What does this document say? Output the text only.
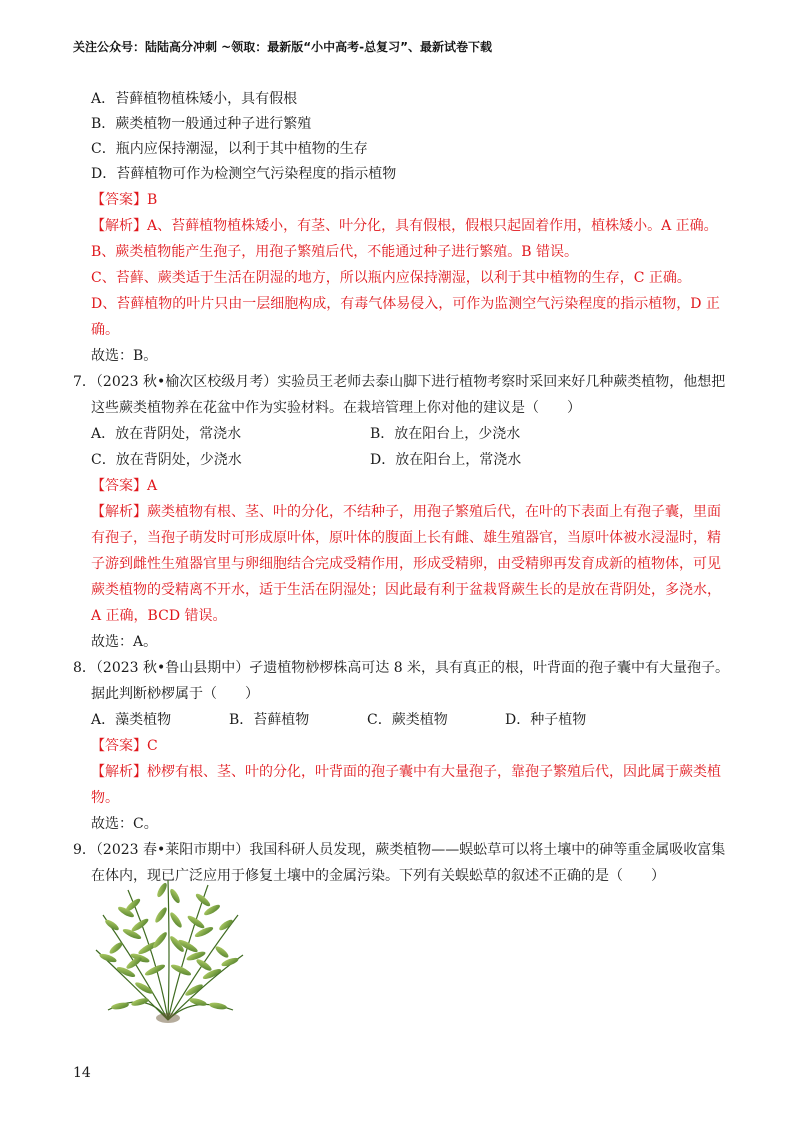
关注公众号：陆陆高分冲刺 ~领取：最新版“小中高考-总复习”、最新试卷下载
A．苔藓植物植株矮小，具有假根
B．蕨类植物一般通过种子进行繁殖
C．瓶内应保持潮湿，以利于其中植物的生存
D．苔藓植物可作为检测空气污染程度的指示植物
【答案】B
【解析】A、苔藓植物植株矮小，有茎、叶分化，具有假根，假根只起固着作用，植株矮小。A 正确。
B、蕨类植物能产生孢子，用孢子繁殖后代，不能通过种子进行繁殖。B 错误。
C、苔藓、蕨类适于生活在阴湿的地方，所以瓶内应保持潮湿，以利于其中植物的生存，C 正确。
D、苔藓植物的叶片只由一层细胞构成，有毒气体易侵入，可作为监测空气污染程度的指示植物，D 正
确。
故选：B。
7．（2023 秋•榆次区校级月考）实验员王老师去泰山脚下进行植物考察时采回来好几种蕨类植物，他想把
这些蕨类植物养在花盆中作为实验材料。在栽培管理上你对他的建议是（　　）
A．放在背阴处，常浇水	B．放在阳台上，少浇水
C．放在背阴处，少浇水	D．放在阳台上，常浇水
【答案】A
【解析】蕨类植物有根、茎、叶的分化，不结种子，用孢子繁殖后代，在叶的下表面上有孢子囊，里面
有孢子，当孢子萌发时可形成原叶体，原叶体的腹面上长有雌、雄生殖器官，当原叶体被水浸湿时，精
子游到雌性生殖器官里与卵细胞结合完成受精作用，形成受精卵，由受精卵再发育成新的植物体，可见
蕨类植物的受精离不开水，适于生活在阴湿处；因此最有利于盆栽肾蕨生长的是放在背阴处，多浇水，
A 正确，BCD 错误。
故选：A。
8．（2023 秋•鲁山县期中）孑遗植物桫椤株高可达 8 米，具有真正的根，叶背面的孢子囊中有大量孢子。
据此判断桫椤属于（　　）
A．藻类植物	B．苔藓植物	C．蕨类植物	D．种子植物
【答案】C
【解析】桫椤有根、茎、叶的分化，叶背面的孢子囊中有大量孢子，靠孢子繁殖后代，因此属于蕨类植
物。
故选：C。
9．（2023 春•莱阳市期中）我国科研人员发现，蕨类植物——蜈蚣草可以将土壤中的砷等重金属吸收富集
在体内，现已广泛应用于修复土壤中的金属污染。下列有关蜈蚣草的叙述不正确的是（　　）
14
